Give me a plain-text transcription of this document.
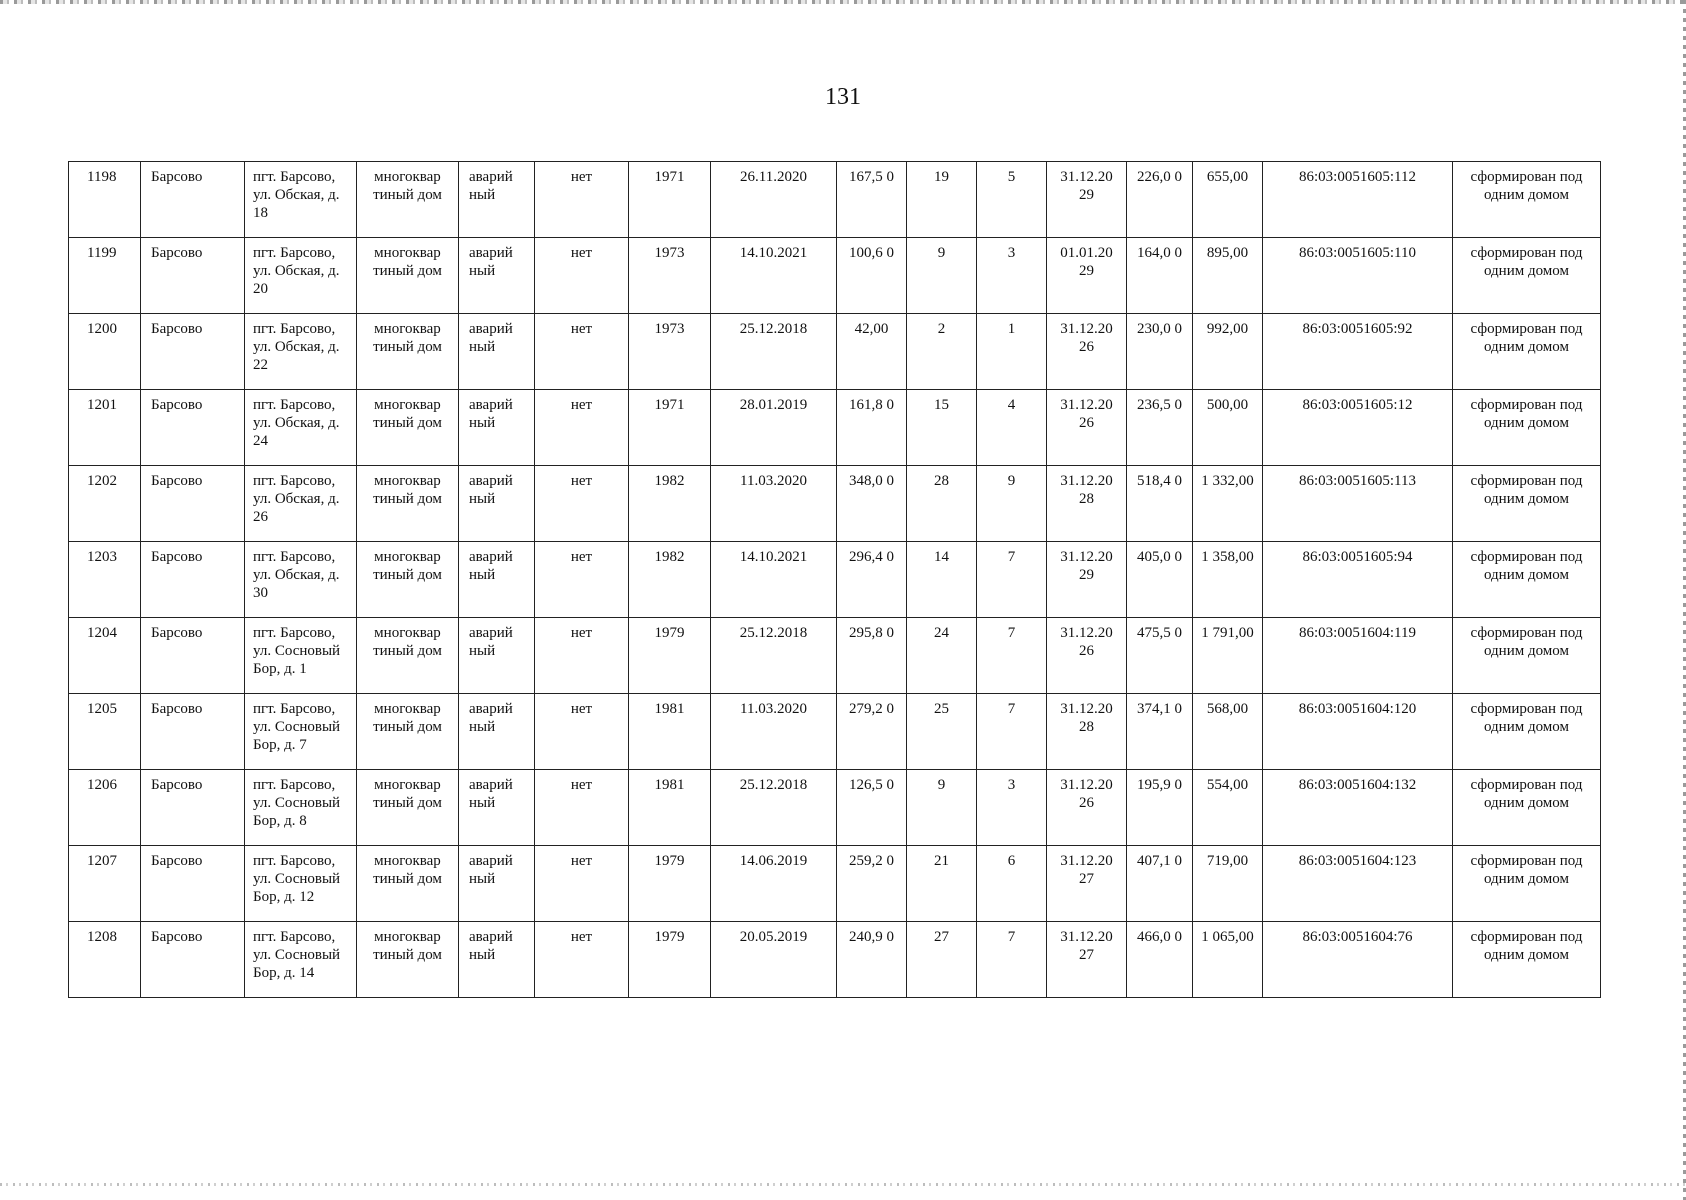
131
1198	Барсово	пгт. Барсово, ул. Обская, д. 18	многоквар тиный дом	аварий ный	нет	1971	26.11.2020	167,5 0	19	5	31.12.20 29	226,0 0	655,00	86:03:0051605:112	сформирован под одним домом
1199	Барсово	пгт. Барсово, ул. Обская, д. 20	многоквар тиный дом	аварий ный	нет	1973	14.10.2021	100,6 0	9	3	01.01.20 29	164,0 0	895,00	86:03:0051605:110	сформирован под одним домом
1200	Барсово	пгт. Барсово, ул. Обская, д. 22	многоквар тиный дом	аварий ный	нет	1973	25.12.2018	42,00	2	1	31.12.20 26	230,0 0	992,00	86:03:0051605:92	сформирован под одним домом
1201	Барсово	пгт. Барсово, ул. Обская, д. 24	многоквар тиный дом	аварий ный	нет	1971	28.01.2019	161,8 0	15	4	31.12.20 26	236,5 0	500,00	86:03:0051605:12	сформирован под одним домом
1202	Барсово	пгт. Барсово, ул. Обская, д. 26	многоквар тиный дом	аварий ный	нет	1982	11.03.2020	348,0 0	28	9	31.12.20 28	518,4 0	1 332,00	86:03:0051605:113	сформирован под одним домом
1203	Барсово	пгт. Барсово, ул. Обская, д. 30	многоквар тиный дом	аварий ный	нет	1982	14.10.2021	296,4 0	14	7	31.12.20 29	405,0 0	1 358,00	86:03:0051605:94	сформирован под одним домом
1204	Барсово	пгт. Барсово, ул. Сосновый Бор, д. 1	многоквар тиный дом	аварий ный	нет	1979	25.12.2018	295,8 0	24	7	31.12.20 26	475,5 0	1 791,00	86:03:0051604:119	сформирован под одним домом
1205	Барсово	пгт. Барсово, ул. Сосновый Бор, д. 7	многоквар тиный дом	аварий ный	нет	1981	11.03.2020	279,2 0	25	7	31.12.20 28	374,1 0	568,00	86:03:0051604:120	сформирован под одним домом
1206	Барсово	пгт. Барсово, ул. Сосновый Бор, д. 8	многоквар тиный дом	аварий ный	нет	1981	25.12.2018	126,5 0	9	3	31.12.20 26	195,9 0	554,00	86:03:0051604:132	сформирован под одним домом
1207	Барсово	пгт. Барсово, ул. Сосновый Бор, д. 12	многоквар тиный дом	аварий ный	нет	1979	14.06.2019	259,2 0	21	6	31.12.20 27	407,1 0	719,00	86:03:0051604:123	сформирован под одним домом
1208	Барсово	пгт. Барсово, ул. Сосновый Бор, д. 14	многоквар тиный дом	аварий ный	нет	1979	20.05.2019	240,9 0	27	7	31.12.20 27	466,0 0	1 065,00	86:03:0051604:76	сформирован под одним домом
